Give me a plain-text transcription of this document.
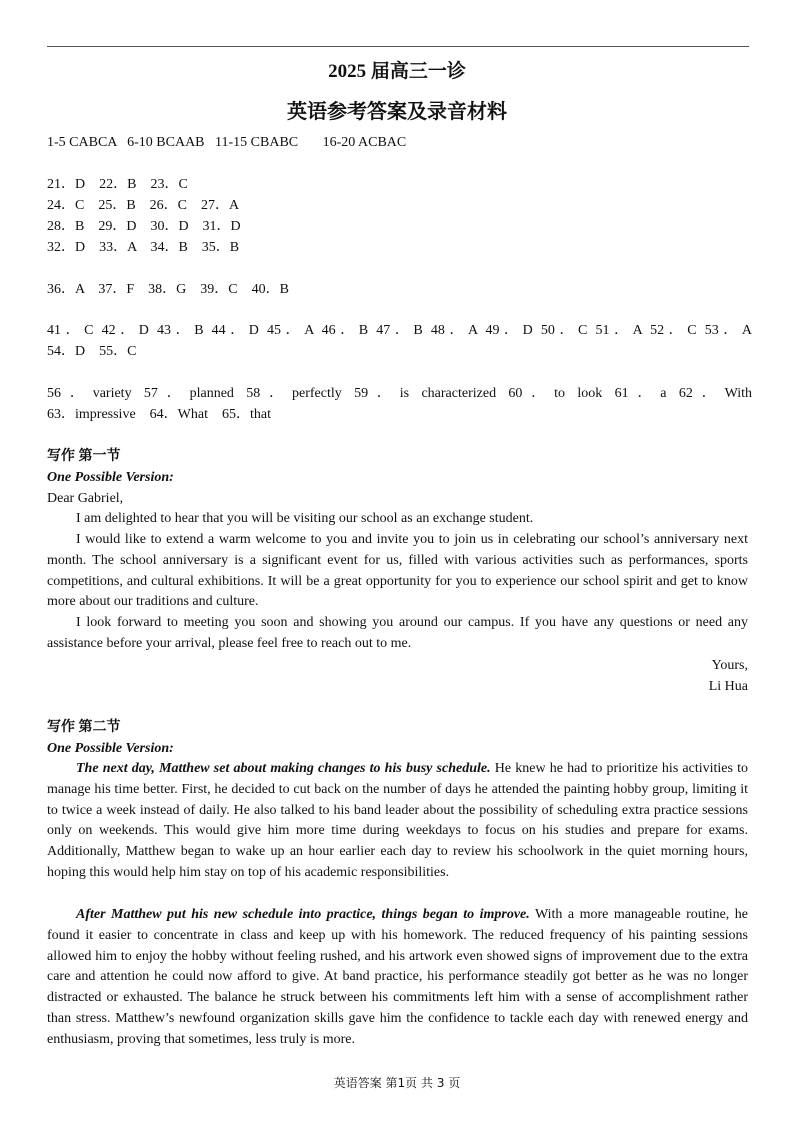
2025 届高三一诊
英语参考答案及录音材料
1-5 CABCA   6-10 BCAAB   11-15 CBABC       16-20 ACBAC
21．D    22．B    23．C
24．C    25．B    26．C    27．A
28．B    29．D    30．D    31．D
32．D    33．A    34．B    35．B
36．A    37．F    38．G    39．C    40．B
41．C 42．D 43．B 44．D 45．A 46．B 47．B 48．A 49．D 50．C 51．A 52．C 53．A
54．D    55．C
56．variety 57．planned 58．perfectly 59．is characterized 60．to look 61．a 62．With
63．impressive    64．What    65．that
写作 第一节
One Possible Version:
Dear Gabriel,

I am delighted to hear that you will be visiting our school as an exchange student.

I would like to extend a warm welcome to you and invite you to join us in celebrating our school’s anniversary next month. The school anniversary is a significant event for us, filled with various activities such as performances, sports competitions, and cultural exhibitions. It will be a great opportunity for you to experience our school spirit and get to know more about our traditions and culture.

I look forward to meeting you soon and showing you around our campus. If you have any questions or need any assistance before your arrival, please feel free to reach out to me.

Yours,
Li Hua
写作 第二节
One Possible Version:

The next day, Matthew set about making changes to his busy schedule. He knew he had to prioritize his activities to manage his time better. First, he decided to cut back on the number of days he attended the painting hobby group, limiting it to twice a week instead of daily. He also talked to his band leader about the possibility of scheduling extra practice sessions only on weekends. This would give him more time during weekdays to focus on his studies and prepare for exams. Additionally, Matthew began to wake up an hour earlier each day to review his schoolwork in the quiet morning hours, hoping this would help him stay on top of his academic responsibilities.

After Matthew put his new schedule into practice, things began to improve. With a more manageable routine, he found it easier to concentrate in class and keep up with his homework. The reduced frequency of his painting sessions allowed him to enjoy the hobby without feeling rushed, and his artwork even showed signs of improvement due to the extra care and attention he could now afford to give. At band practice, his performance steadily got better as he was no longer distracted or exhausted. The balance he struck between his commitments left him with a sense of accomplishment rather than stress. Matthew’s newfound organization skills gave him the confidence to tackle each day with renewed energy and enthusiasm, proving that sometimes, less truly is more.

英语答案 第1页 共 3 页
